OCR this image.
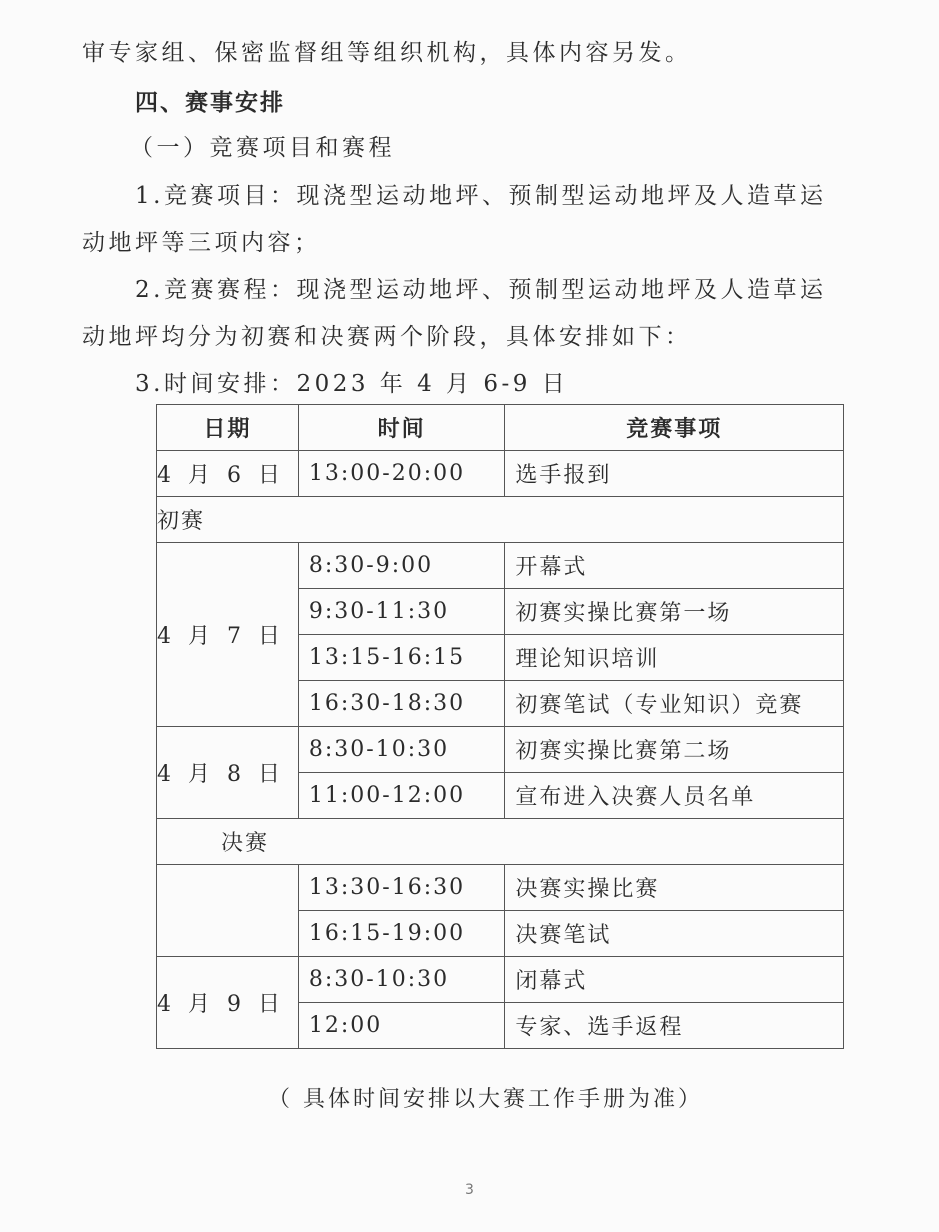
审专家组、保密监督组等组织机构，具体内容另发。
四、赛事安排
（一）竞赛项目和赛程
1.竞赛项目：现浇型运动地坪、预制型运动地坪及人造草运
动地坪等三项内容；
2.竞赛赛程：现浇型运动地坪、预制型运动地坪及人造草运
动地坪均分为初赛和决赛两个阶段，具体安排如下：
3.时间安排：2023 年 4 月 6-9 日
日期	时间	竞赛事项
4 月 6 日	13:00-20:00	选手报到
初赛		
4 月 7 日	8:30-9:00	开幕式
	9:30-11:30	初赛实操比赛第一场
	13:15-16:15	理论知识培训
	16:30-18:30	初赛笔试（专业知识）竞赛
4 月 8 日	8:30-10:30	初赛实操比赛第二场
	11:00-12:00	宣布进入决赛人员名单
决赛		
	13:30-16:30	决赛实操比赛
	16:15-19:00	决赛笔试
4 月 9 日	8:30-10:30	闭幕式
	12:00	专家、选手返程
（ 具体时间安排以大赛工作手册为准）
3
